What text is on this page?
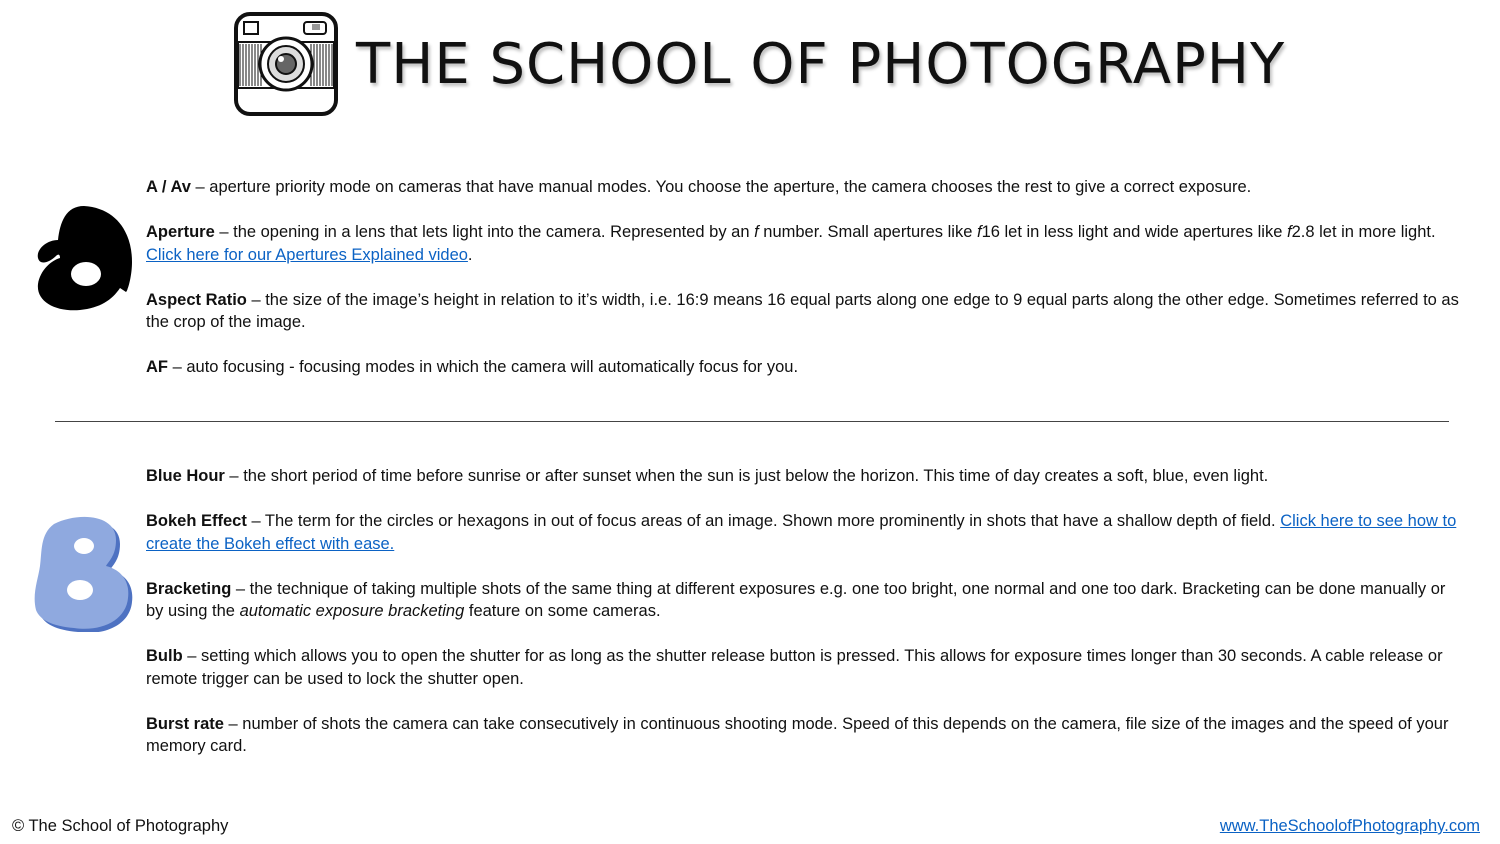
THE SCHOOL OF PHOTOGRAPHY

A / Av – aperture priority mode on cameras that have manual modes. You choose the aperture, the camera chooses the rest to give a correct exposure.

Aperture – the opening in a lens that lets light into the camera. Represented by an f number. Small apertures like f16 let in less light and wide apertures like f2.8 let in more light. Click here for our Apertures Explained video.

Aspect Ratio – the size of the image’s height in relation to it’s width, i.e. 16:9 means 16 equal parts along one edge to 9 equal parts along the other edge. Sometimes referred to as the crop of the image.

AF – auto focusing - focusing modes in which the camera will automatically focus for you.

Blue Hour – the short period of time before sunrise or after sunset when the sun is just below the horizon. This time of day creates a soft, blue, even light.

Bokeh Effect – The term for the circles or hexagons in out of focus areas of an image. Shown more prominently in shots that have a shallow depth of field. Click here to see how to create the Bokeh effect with ease.

Bracketing – the technique of taking multiple shots of the same thing at different exposures e.g. one too bright, one normal and one too dark. Bracketing can be done manually or by using the automatic exposure bracketing feature on some cameras.

Bulb – setting which allows you to open the shutter for as long as the shutter release button is pressed. This allows for exposure times longer than 30 seconds. A cable release or remote trigger can be used to lock the shutter open.

Burst rate – number of shots the camera can take consecutively in continuous shooting mode. Speed of this depends on the camera, file size of the images and the speed of your memory card.

© The School of Photography	www.TheSchoolofPhotography.com
